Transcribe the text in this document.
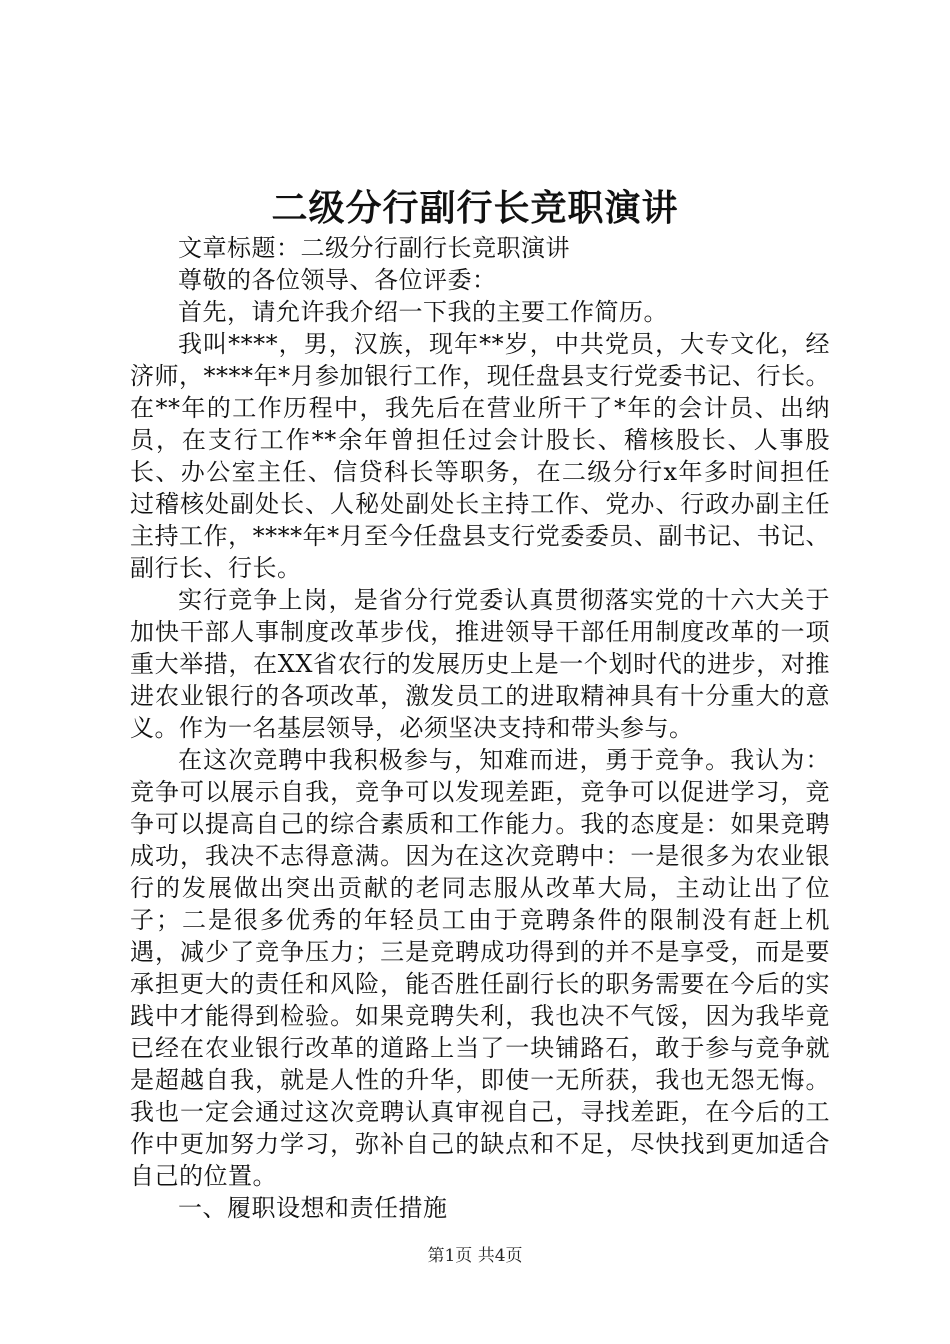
二级分行副行长竞职演讲

文章标题：二级分行副行长竞职演讲

尊敬的各位领导、各位评委：

首先，请允许我介绍一下我的主要工作简历。

我叫****，男，汉族，现年**岁，中共党员，大专文化，经济师，****年*月参加银行工作，现任盘县支行党委书记、行长。在**年的工作历程中，我先后在营业所干了*年的会计员、出纳员，在支行工作**余年曾担任过会计股长、稽核股长、人事股长、办公室主任、信贷科长等职务，在二级分行x年多时间担任过稽核处副处长、人秘处副处长主持工作、党办、行政办副主任主持工作，****年*月至今任盘县支行党委委员、副书记、书记、副行长、行长。

实行竞争上岗，是省分行党委认真贯彻落实党的十六大关于加快干部人事制度改革步伐，推进领导干部任用制度改革的一项重大举措，在XX省农行的发展历史上是一个划时代的进步，对推进农业银行的各项改革，激发员工的进取精神具有十分重大的意义。作为一名基层领导，必须坚决支持和带头参与。

在这次竞聘中我积极参与，知难而进，勇于竞争。我认为：竞争可以展示自我，竞争可以发现差距，竞争可以促进学习，竞争可以提高自己的综合素质和工作能力。我的态度是：如果竞聘成功，我决不志得意满。因为在这次竞聘中：一是很多为农业银行的发展做出突出贡献的老同志服从改革大局，主动让出了位子；二是很多优秀的年轻员工由于竞聘条件的限制没有赶上机遇，减少了竞争压力；三是竞聘成功得到的并不是享受，而是要承担更大的责任和风险，能否胜任副行长的职务需要在今后的实践中才能得到检验。如果竞聘失利，我也决不气馁，因为我毕竟已经在农业银行改革的道路上当了一块铺路石，敢于参与竞争就是超越自我，就是人性的升华，即使一无所获，我也无怨无悔。我也一定会通过这次竞聘认真审视自己，寻找差距，在今后的工作中更加努力学习，弥补自己的缺点和不足，尽快找到更加适合自己的位置。

一、履职设想和责任措施

第1页 共4页
